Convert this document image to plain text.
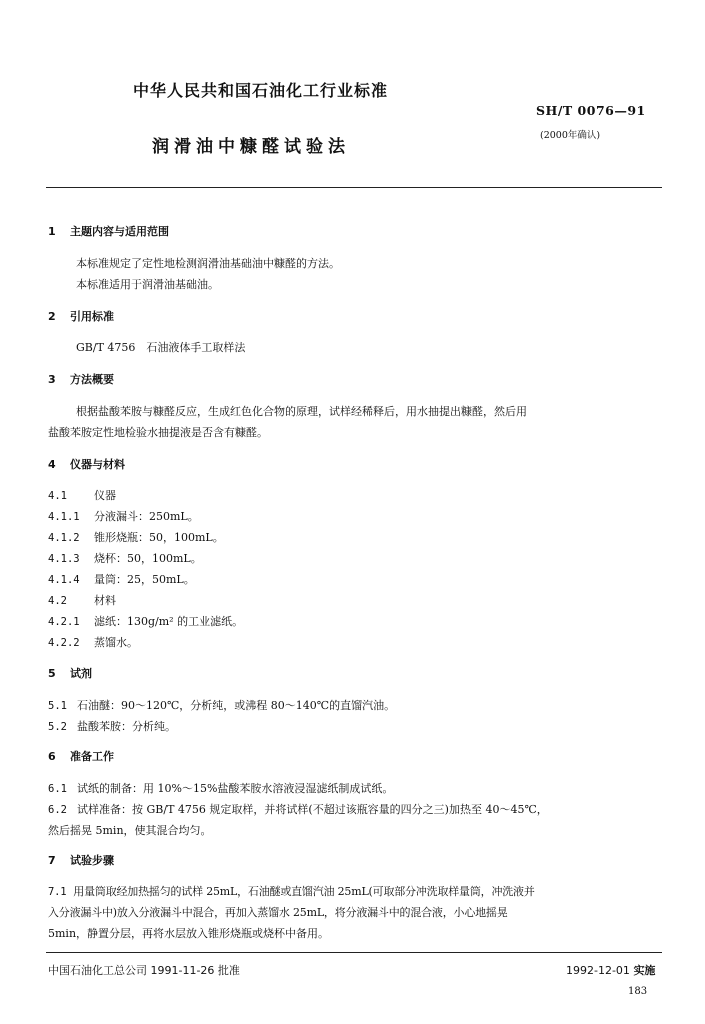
中华人民共和国石油化工行业标准
SH/T 0076—91
(2000年确认)
润滑油中糠醛试验法
1 主题内容与适用范围
本标准规定了定性地检测润滑油基础油中糠醛的方法。
本标准适用于润滑油基础油。
2 引用标准
GB/T 4756　石油液体手工取样法
3 方法概要
根据盐酸苯胺与糠醛反应，生成红色化合物的原理，试样经稀释后，用水抽提出糠醛，然后用
盐酸苯胺定性地检验水抽提液是否含有糠醛。
4 仪器与材料
4.1 仪器
4.1.1 分液漏斗：250mL。
4.1.2 锥形烧瓶：50，100mL。
4.1.3 烧杯：50，100mL。
4.1.4 量筒：25，50mL。
4.2 材料
4.2.1 滤纸：130g/m² 的工业滤纸。
4.2.2 蒸馏水。
5 试剂
5.1 石油醚：90～120℃，分析纯，或沸程 80～140℃的直馏汽油。
5.2 盐酸苯胺：分析纯。
6 准备工作
6.1 试纸的制备：用 10%～15%盐酸苯胺水溶液浸湿滤纸制成试纸。
6.2 试样准备：按 GB/T 4756 规定取样，并将试样(不超过该瓶容量的四分之三)加热至 40～45℃，
然后摇晃 5min，使其混合均匀。
7 试验步骤
7.1 用量筒取经加热摇匀的试样 25mL，石油醚或直馏汽油 25mL(可取部分冲洗取样量筒，冲洗液并
入分液漏斗中)放入分液漏斗中混合，再加入蒸馏水 25mL，将分液漏斗中的混合液，小心地摇晃
5min，静置分层，再将水层放入锥形烧瓶或烧杯中备用。
中国石油化工总公司 1991-11-26 批准	1992-12-01 实施
183
